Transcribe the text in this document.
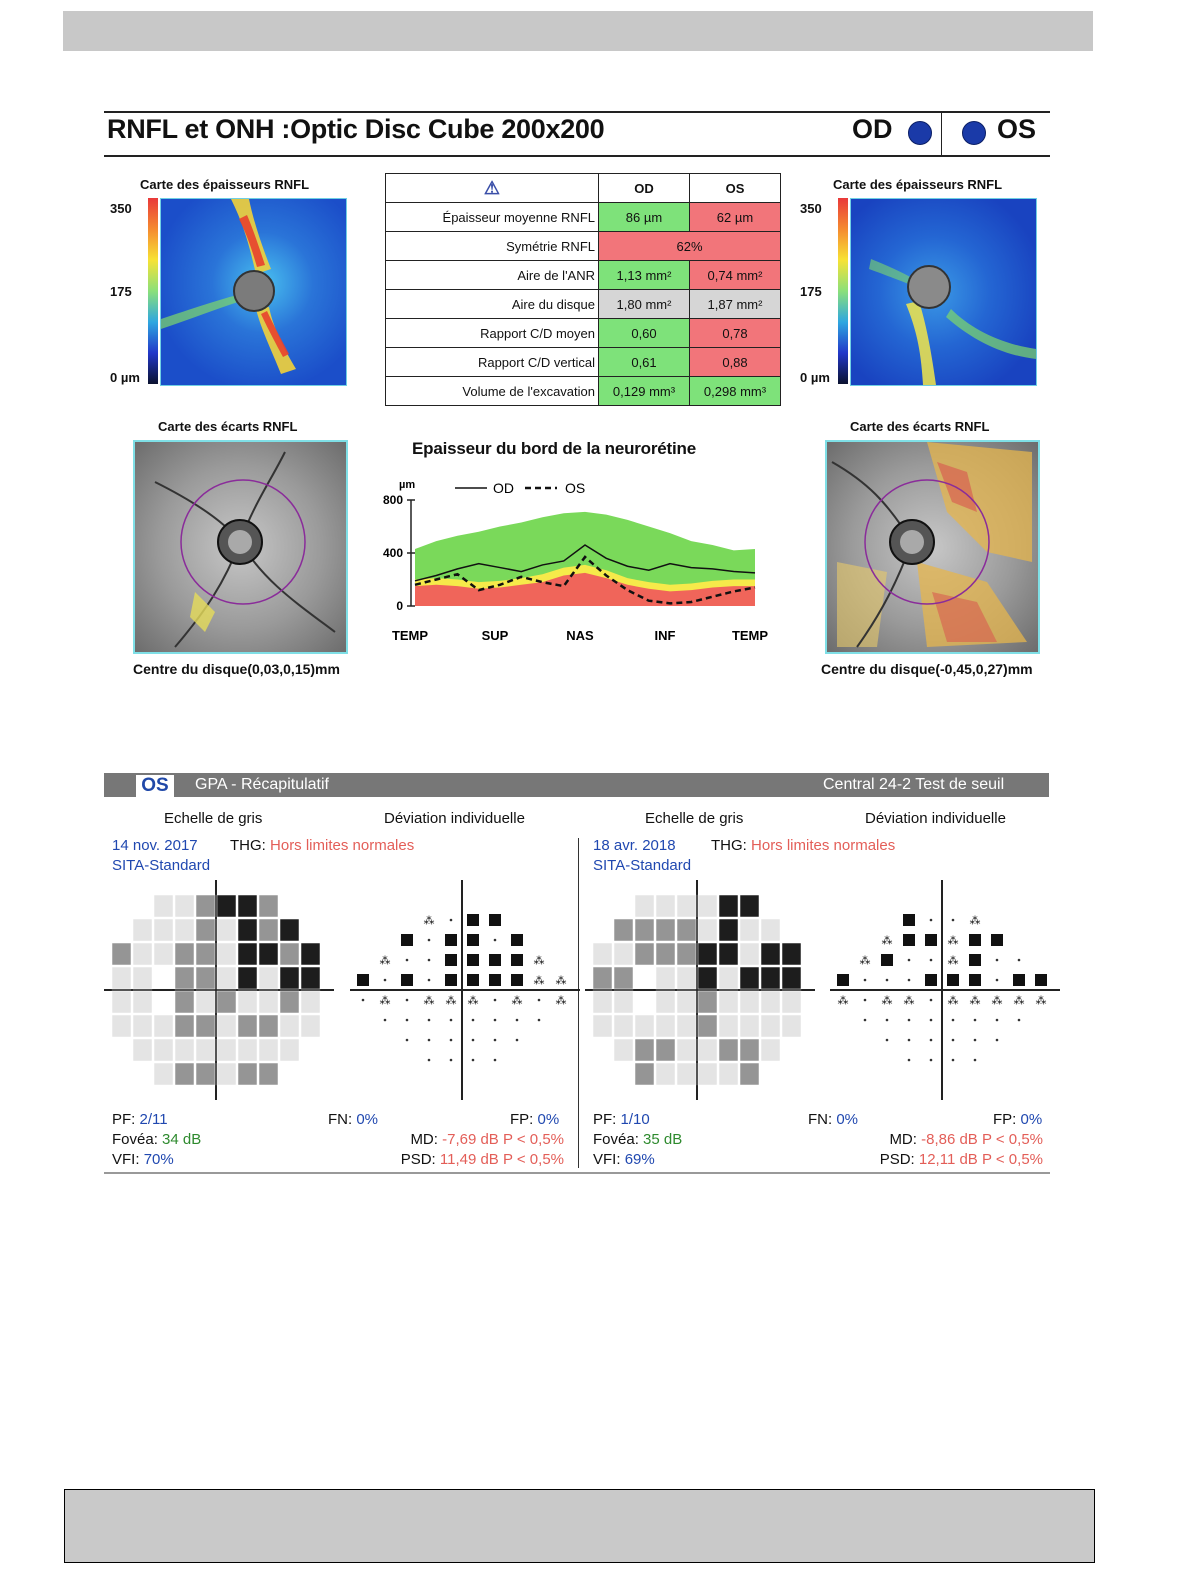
RNFL et ONH :Optic Disc Cube 200x200	OD	OS
Carte des épaisseurs RNFL
350
175
0 µm
Carte des épaisseurs RNFL
350
175
0 µm
⚠	OD	OS
Épaisseur moyenne RNFL	86 µm	62 µm
Symétrie RNFL	62%	
Aire de l'ANR	1,13 mm²	0,74 mm²
Aire du disque	1,80 mm²	1,87 mm²
Rapport C/D moyen	0,60	0,78
Rapport C/D vertical	0,61	0,88
Volume de l'excavation	0,129 mm³	0,298 mm³
Carte des écarts RNFL
Centre du disque(0,03,0,15)mm
Carte des écarts RNFL
Centre du disque(-0,45,0,27)mm
Epaisseur du bord de la neurorétine
0
400
800
µm	OD	OS
TEMP	SUP	NAS	INF	TEMP
OS	GPA - Récapitulatif	Central 24-2 Test de seuil
Echelle de gris	Déviation individuelle	Echelle de gris	Déviation individuelle
14 nov. 2017
SITA-Standard
THG: Hors limites normales	18 avr. 2018
SITA-Standard
THG: Hors limites normales
⁂
⁂	⁂
⁂ ⁂
⁂	⁂ ⁂ ⁂	⁂	⁂
⁂
⁂	⁂
⁂	⁂
⁂	⁂ ⁂	⁂ ⁂ ⁂ ⁂ ⁂
PF: 2/11
Fovéa: 34 dB
VFI: 70%
FN: 0%	FP: 0%
MD: -7,69 dB P < 0,5%
PSD: 11,49 dB P < 0,5%
PF: 1/10
Fovéa: 35 dB
VFI: 69%
FN: 0%	FP: 0%
MD: -8,86 dB P < 0,5%
PSD: 12,11 dB P < 0,5%
